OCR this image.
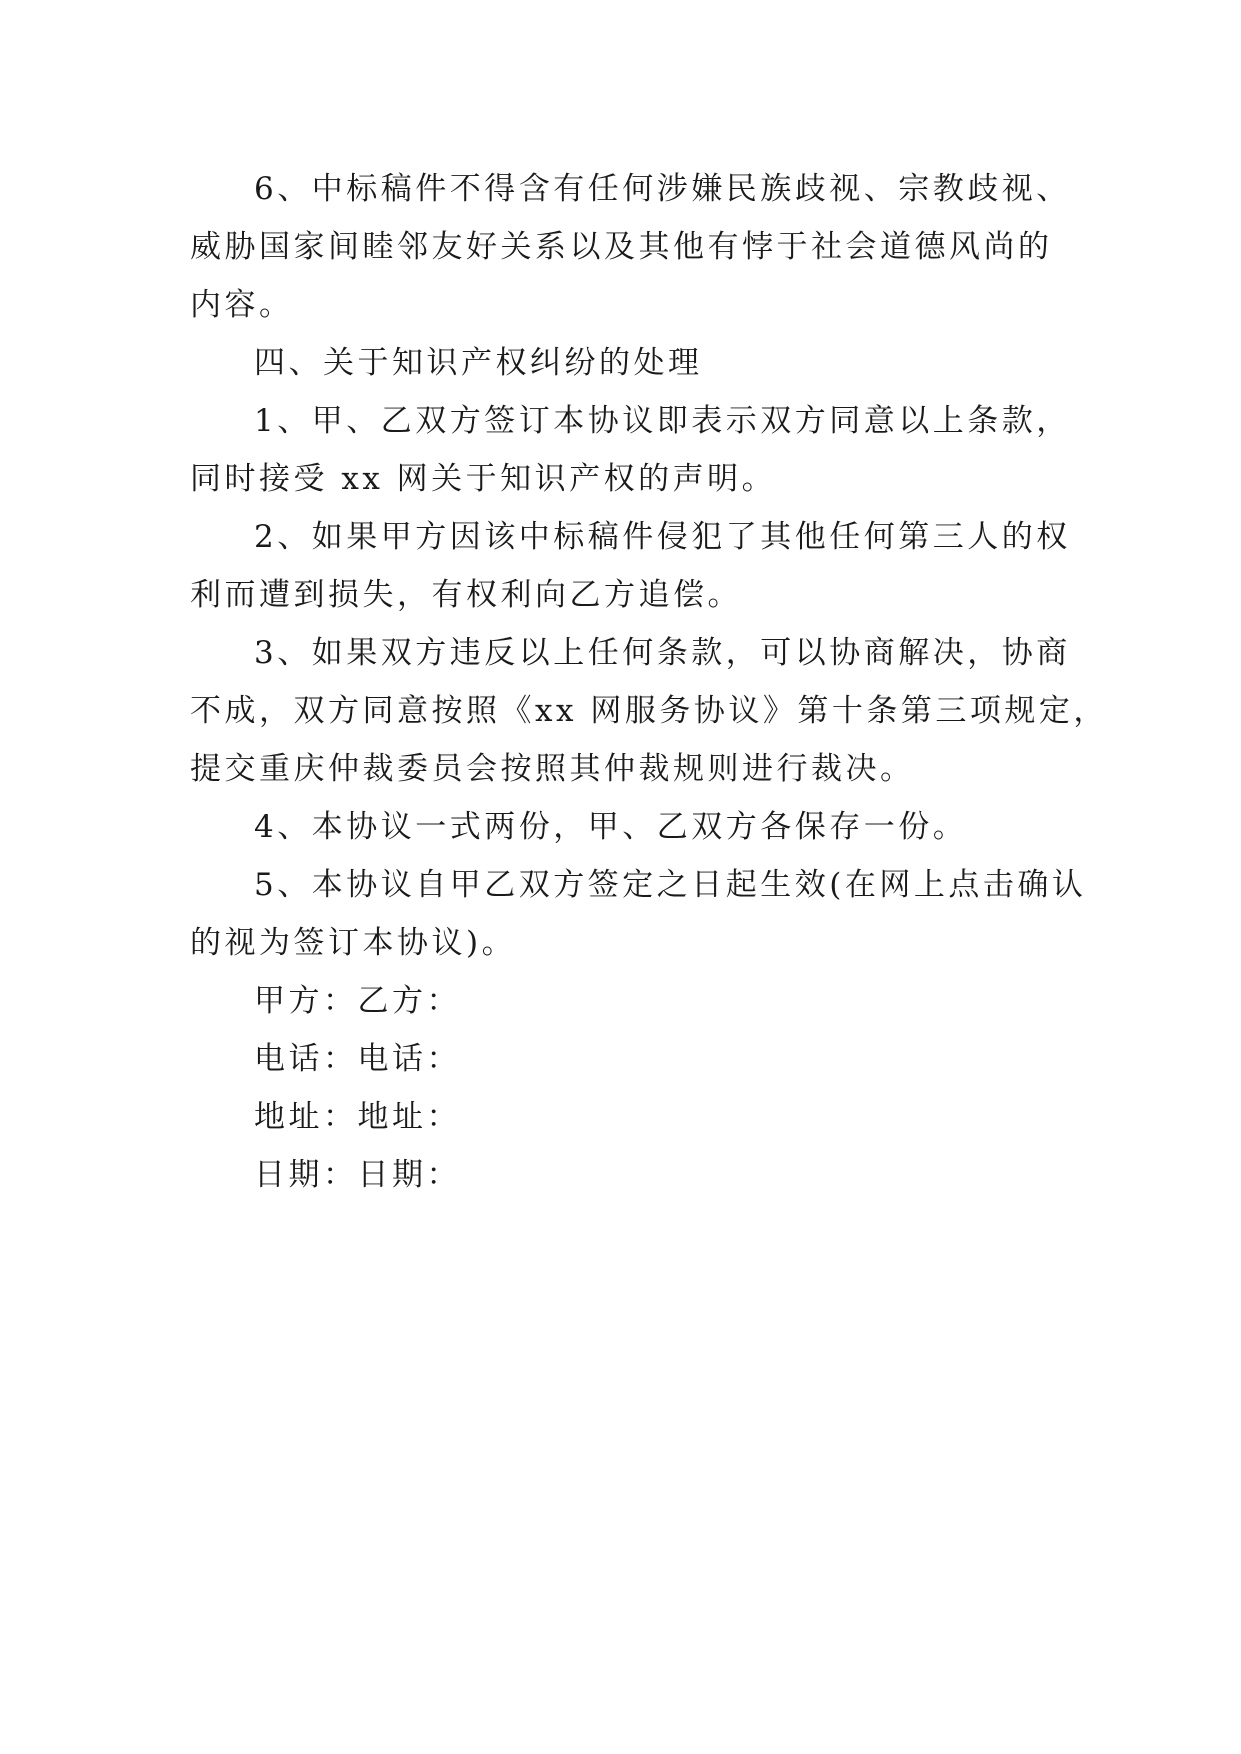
6、中标稿件不得含有任何涉嫌民族歧视、宗教歧视、
威胁国家间睦邻友好关系以及其他有悖于社会道德风尚的
内容。

四、关于知识产权纠纷的处理

1、甲、乙双方签订本协议即表示双方同意以上条款，
同时接受 xx 网关于知识产权的声明。

2、如果甲方因该中标稿件侵犯了其他任何第三人的权
利而遭到损失，有权利向乙方追偿。

3、如果双方违反以上任何条款，可以协商解决，协商
不成，双方同意按照《xx 网服务协议》第十条第三项规定，
提交重庆仲裁委员会按照其仲裁规则进行裁决。

4、本协议一式两份，甲、乙双方各保存一份。

5、本协议自甲乙双方签定之日起生效(在网上点击确认
的视为签订本协议)。

甲方：乙方：

电话：电话：

地址：地址：

日期：日期：
